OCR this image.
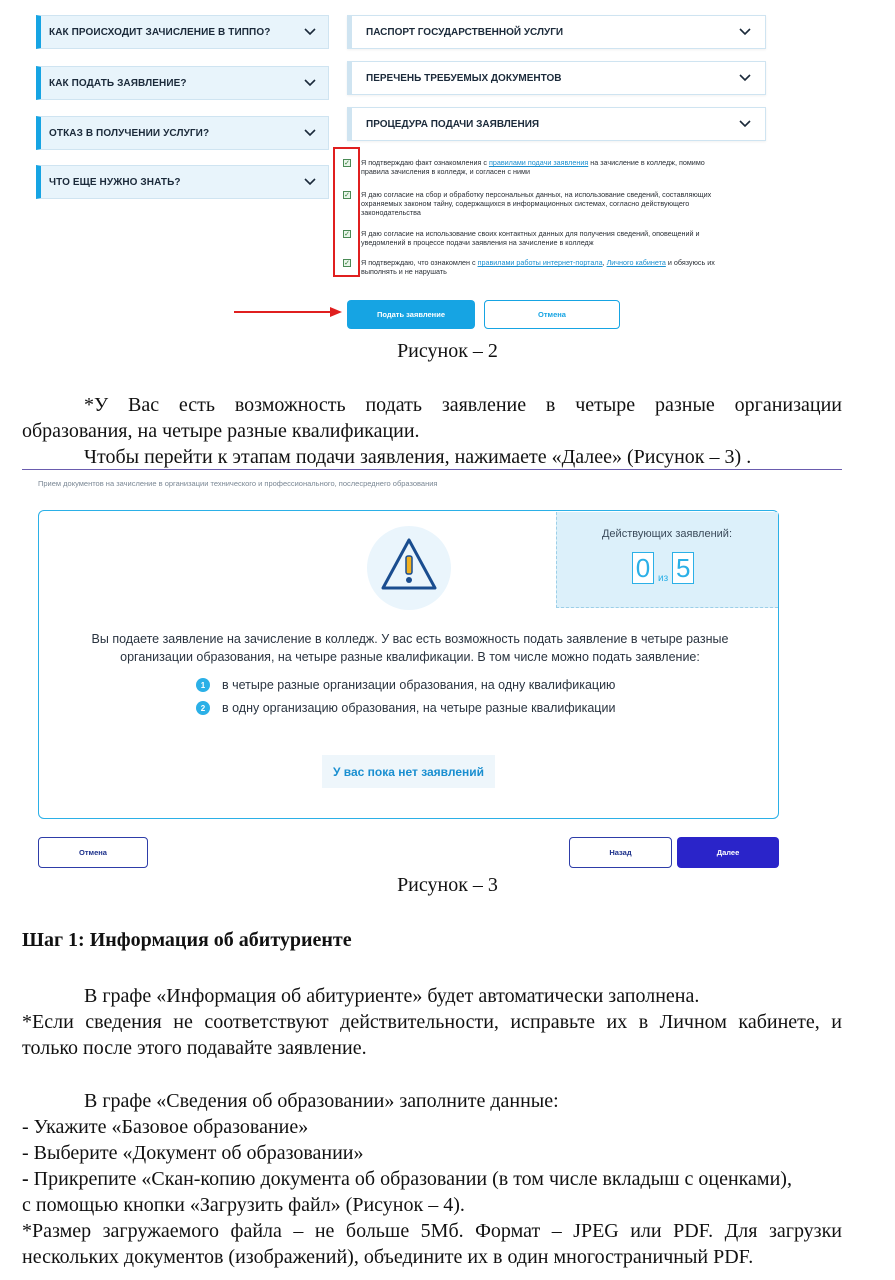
КАК ПРОИСХОДИТ ЗАЧИСЛЕНИЕ В ТИППО?
КАК ПОДАТЬ ЗАЯВЛЕНИЕ?
ОТКАЗ В ПОЛУЧЕНИИ УСЛУГИ?
ЧТО ЕЩЕ НУЖНО ЗНАТЬ?
ПАСПОРТ ГОСУДАРСТВЕННОЙ УСЛУГИ
ПЕРЕЧЕНЬ ТРЕБУЕМЫХ ДОКУМЕНТОВ
ПРОЦЕДУРА ПОДАЧИ ЗАЯВЛЕНИЯ
✓
✓
✓
✓
Я подтверждаю факт ознакомления с правилами подачи заявления на зачисление в колледж, помимо
правила зачисления в колледж, и согласен с ними
Я даю согласие на сбор и обработку персональных данных, на использование сведений, составляющих
охраняемых законом тайну, содержащихся в информационных системах, согласно действующего
законодательства
Я даю согласие на использование своих контактных данных для получения сведений, оповещений и
уведомлений в процессе подачи заявления на зачисление в колледж
Я подтверждаю, что ознакомлен с правилами работы интернет-портала, Личного кабинета и обязуюсь их
выполнять и не нарушать
Подать заявление	Отмена
Рисунок – 2
*У Вас есть возможность подать заявление в четыре разные организации
образования, на четыре разные квалификации.
Чтобы перейти к этапам подачи заявления, нажимаете «Далее» (Рисунок – 3) .
Прием документов на зачисление в организации технического и профессионального, послесреднего образования
Действующих заявлений:
0 из 5
Вы подаете заявление на зачисление в колледж. У вас есть возможность подать заявление в четыре разные
организации образования, на четыре разные квалификации. В том числе можно подать заявление:
1	в четыре разные организации образования, на одну квалификацию
2	в одну организацию образования, на четыре разные квалификации
У вас пока нет заявлений
Отмена	Назад	Далее
Рисунок – 3
Шаг 1: Информация об абитуриенте
В графе «Информация об абитуриенте» будет автоматически заполнена.
*Если сведения не соответствуют действительности, исправьте их в Личном кабинете, и
только после этого подавайте заявление.
В графе «Сведения об образовании» заполните данные:
- Укажите «Базовое образование»
- Выберите «Документ об образовании»
- Прикрепите «Скан-копию документа об образовании (в том числе вкладыш с оценками),
с помощью кнопки «Загрузить файл» (Рисунок – 4).
*Размер загружаемого файла – не больше 5Мб. Формат – JPEG или PDF. Для загрузки
нескольких документов (изображений), объедините их в один многостраничный PDF.
